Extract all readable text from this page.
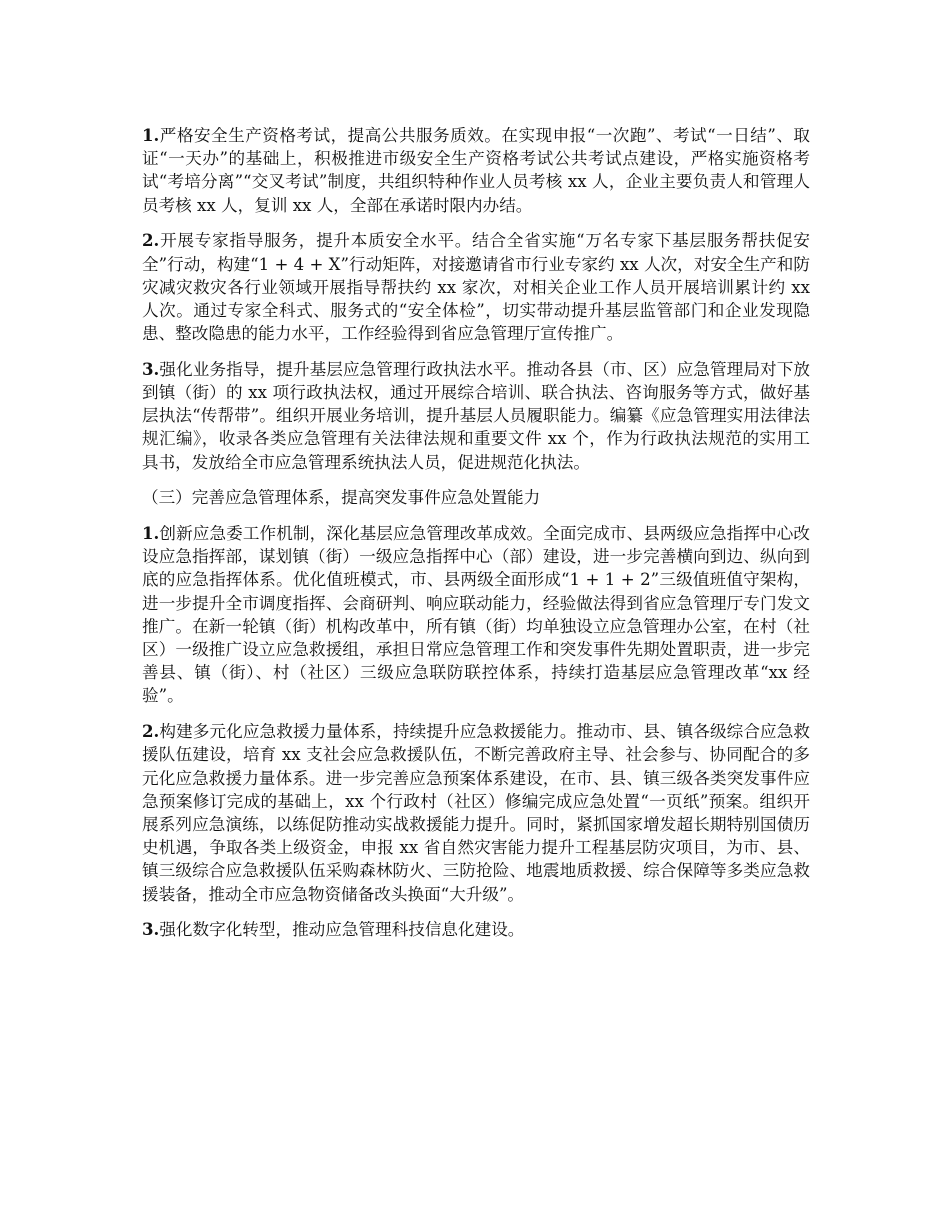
1.严格安全生产资格考试，提高公共服务质效。在实现申报“一次跑”、考试“一日结”、取证“一天办”的基础上，积极推进市级安全生产资格考试公共考试点建设，严格实施资格考试“考培分离”“交叉考试”制度，共组织特种作业人员考核 xx 人，企业主要负责人和管理人员考核 xx 人，复训 xx 人，全部在承诺时限内办结。

2.开展专家指导服务，提升本质安全水平。结合全省实施“万名专家下基层服务帮扶促安全”行动，构建“1 + 4 + X”行动矩阵，对接邀请省市行业专家约 xx 人次，对安全生产和防灾减灾救灾各行业领域开展指导帮扶约 xx 家次，对相关企业工作人员开展培训累计约 xx 人次。通过专家全科式、服务式的“安全体检”，切实带动提升基层监管部门和企业发现隐患、整改隐患的能力水平，工作经验得到省应急管理厅宣传推广。

3.强化业务指导，提升基层应急管理行政执法水平。推动各县（市、区）应急管理局对下放到镇（街）的 xx 项行政执法权，通过开展综合培训、联合执法、咨询服务等方式，做好基层执法“传帮带”。组织开展业务培训，提升基层人员履职能力。编纂《应急管理实用法律法规汇编》，收录各类应急管理有关法律法规和重要文件 xx 个，作为行政执法规范的实用工具书，发放给全市应急管理系统执法人员，促进规范化执法。

（三）完善应急管理体系，提高突发事件应急处置能力

1.创新应急委工作机制，深化基层应急管理改革成效。全面完成市、县两级应急指挥中心改设应急指挥部，谋划镇（街）一级应急指挥中心（部）建设，进一步完善横向到边、纵向到底的应急指挥体系。优化值班模式，市、县两级全面形成“1 + 1 + 2”三级值班值守架构，进一步提升全市调度指挥、会商研判、响应联动能力，经验做法得到省应急管理厅专门发文推广。在新一轮镇（街）机构改革中，所有镇（街）均单独设立应急管理办公室，在村（社区）一级推广设立应急救援组，承担日常应急管理工作和突发事件先期处置职责，进一步完善县、镇（街）、村（社区）三级应急联防联控体系，持续打造基层应急管理改革“xx 经验”。

2.构建多元化应急救援力量体系，持续提升应急救援能力。推动市、县、镇各级综合应急救援队伍建设，培育 xx 支社会应急救援队伍，不断完善政府主导、社会参与、协同配合的多元化应急救援力量体系。进一步完善应急预案体系建设，在市、县、镇三级各类突发事件应急预案修订完成的基础上，xx 个行政村（社区）修编完成应急处置“一页纸”预案。组织开展系列应急演练，以练促防推动实战救援能力提升。同时，紧抓国家增发超长期特别国债历史机遇，争取各类上级资金，申报 xx 省自然灾害能力提升工程基层防灾项目，为市、县、镇三级综合应急救援队伍采购森林防火、三防抢险、地震地质救援、综合保障等多类应急救援装备，推动全市应急物资储备改头换面“大升级”。

3.强化数字化转型，推动应急管理科技信息化建设。
